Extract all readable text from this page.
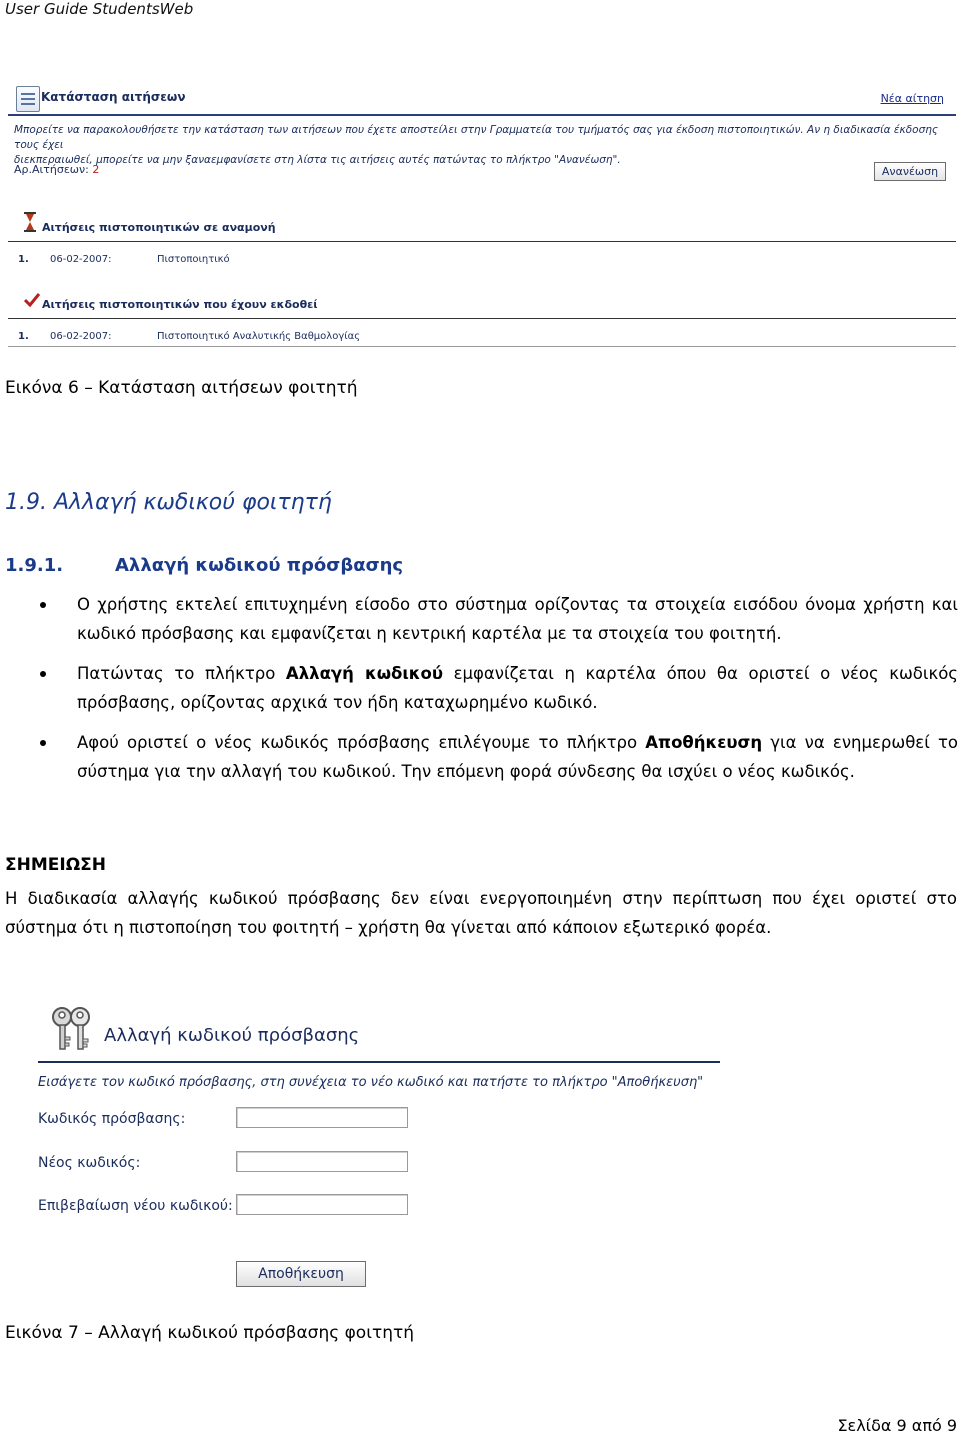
User Guide StudentsWeb
Κατάσταση αιτήσεων	Νέα αίτηση
Μπορείτε να παρακολουθήσετε την κατάσταση των αιτήσεων που έχετε αποστείλει στην Γραμματεία του τμήματός σας για έκδοση πιστοποιητικών. Αν η διαδικασία έκδοσης τους έχει
διεκπεραιωθεί, μπορείτε να μην ξαναεμφανίσετε στη λίστα τις αιτήσεις αυτές πατώντας το πλήκτρο "Ανανέωση".
Αρ.Αιτήσεων: 2	Ανανέωση
Αιτήσεις πιστοποιητικών σε αναμονή
1. 06-02-2007:	Πιστοποιητικό
Αιτήσεις πιστοποιητικών που έχουν εκδοθεί
1. 06-02-2007:	Πιστοποιητικό Αναλυτικής Βαθμολογίας
Εικόνα 6 – Κατάσταση αιτήσεων φοιτητή
1.9. Αλλαγή κωδικού φοιτητή
1.9.1.	Αλλαγή κωδικού πρόσβασης
Ο χρήστης εκτελεί επιτυχημένη είσοδο στο σύστημα ορίζοντας τα στοιχεία εισόδου όνομα χρήστη και κωδικό πρόσβασης και εμφανίζεται η κεντρική καρτέλα με τα στοιχεία του φοιτητή.
Πατώντας το πλήκτρο Αλλαγή κωδικού εμφανίζεται η καρτέλα όπου θα οριστεί ο νέος κωδικός πρόσβασης, ορίζοντας αρχικά τον ήδη καταχωρημένο κωδικό.
Αφού οριστεί ο νέος κωδικός πρόσβασης επιλέγουμε το πλήκτρο Αποθήκευση για να ενημερωθεί το σύστημα για την αλλαγή του κωδικού. Την επόμενη φορά σύνδεσης θα ισχύει ο νέος κωδικός.
ΣΗΜΕΙΩΣΗ
Η διαδικασία αλλαγής κωδικού πρόσβασης δεν είναι ενεργοποιημένη στην περίπτωση που έχει οριστεί στο σύστημα ότι η πιστοποίηση του φοιτητή – χρήστη θα γίνεται από κάποιον εξωτερικό φορέα.
Αλλαγή κωδικού πρόσβασης
Εισάγετε τον κωδικό πρόσβασης, στη συνέχεια το νέο κωδικό και πατήστε το πλήκτρο "Αποθήκευση"
Κωδικός πρόσβασης:
Νέος κωδικός:
Επιβεβαίωση νέου κωδικού:
Αποθήκευση
Εικόνα 7 – Αλλαγή κωδικού πρόσβασης φοιτητή
Σελίδα 9 από 9
